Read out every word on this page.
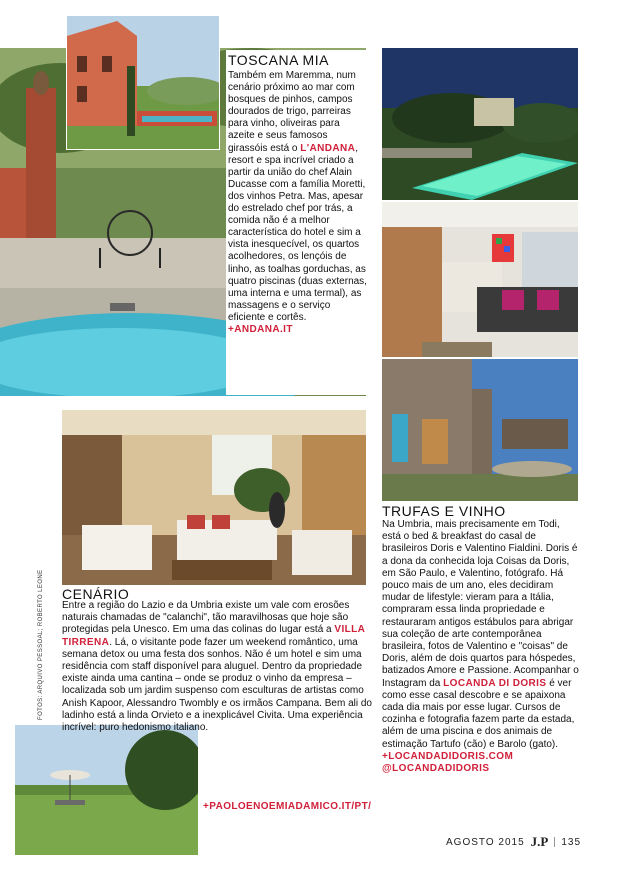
TOSCANA MIA
Também em Maremma, num cenário próximo ao mar com bosques de pinhos, campos dourados de trigo, parreiras para vinho, oliveiras para azeite e seus famosos girassóis está o L'ANDANA, resort e spa incrível criado a partir da união do chef Alain Ducasse com a família Moretti, dos vinhos Petra. Mas, apesar do estrelado chef por trás, a comida não é a melhor característica do hotel e sim a vista inesquecível, os quartos acolhedores, os lençóis de linho, as toalhas gorduchas, as quatro piscinas (duas externas, uma interna e uma termal), as massagens e o serviço eficiente e cortês. +ANDANA.IT
CENÁRIO
Entre a região do Lazio e da Umbria existe um vale com erosões naturais chamadas de "calanchi", tão maravilhosas que hoje são protegidas pela Unesco. Em uma das colinas do lugar está a VILLA TIRRENA. Lá, o visitante pode fazer um weekend romântico, uma semana detox ou uma festa dos sonhos. Não é um hotel e sim uma residência com staff disponível para aluguel. Dentro da propriedade existe ainda uma cantina – onde se produz o vinho da empresa – localizada sob um jardim suspenso com esculturas de artistas como Anish Kapoor, Alessandro Twombly e os irmãos Campana. Bem ali do ladinho está a linda Orvieto e a inexplicável Civita. Uma experiência incrível: puro hedonismo italiano.
+PAOLOENOEMIADAMICO.IT/PT/
TRUFAS E VINHO
Na Umbria, mais precisamente em Todi, está o bed & breakfast do casal de brasileiros Doris e Valentino Fialdini. Doris é a dona da conhecida loja Coisas da Doris, em São Paulo, e Valentino, fotógrafo. Há pouco mais de um ano, eles decidiram mudar de lifestyle: vieram para a Itália, compraram essa linda propriedade e restauraram antigos estábulos para abrigar sua coleção de arte contemporânea brasileira, fotos de Valentino e "coisas" de Doris, além de dois quartos para hóspedes, batizados Amore e Passione. Acompanhar o Instagram da LOCANDA DI DORIS é ver como esse casal descobre e se apaixona cada dia mais por esse lugar. Cursos de cozinha e fotografia fazem parte da estada, além de uma piscina e dos animais de estimação Tartufo (cão) e Barolo (gato). +LOCANDADIDORIS.COM
@LOCANDADIDORIS
FOTOS: ARQUIVO PESSOAL; ROBERTO LEONE
AGOSTO 2015 J.P 135
